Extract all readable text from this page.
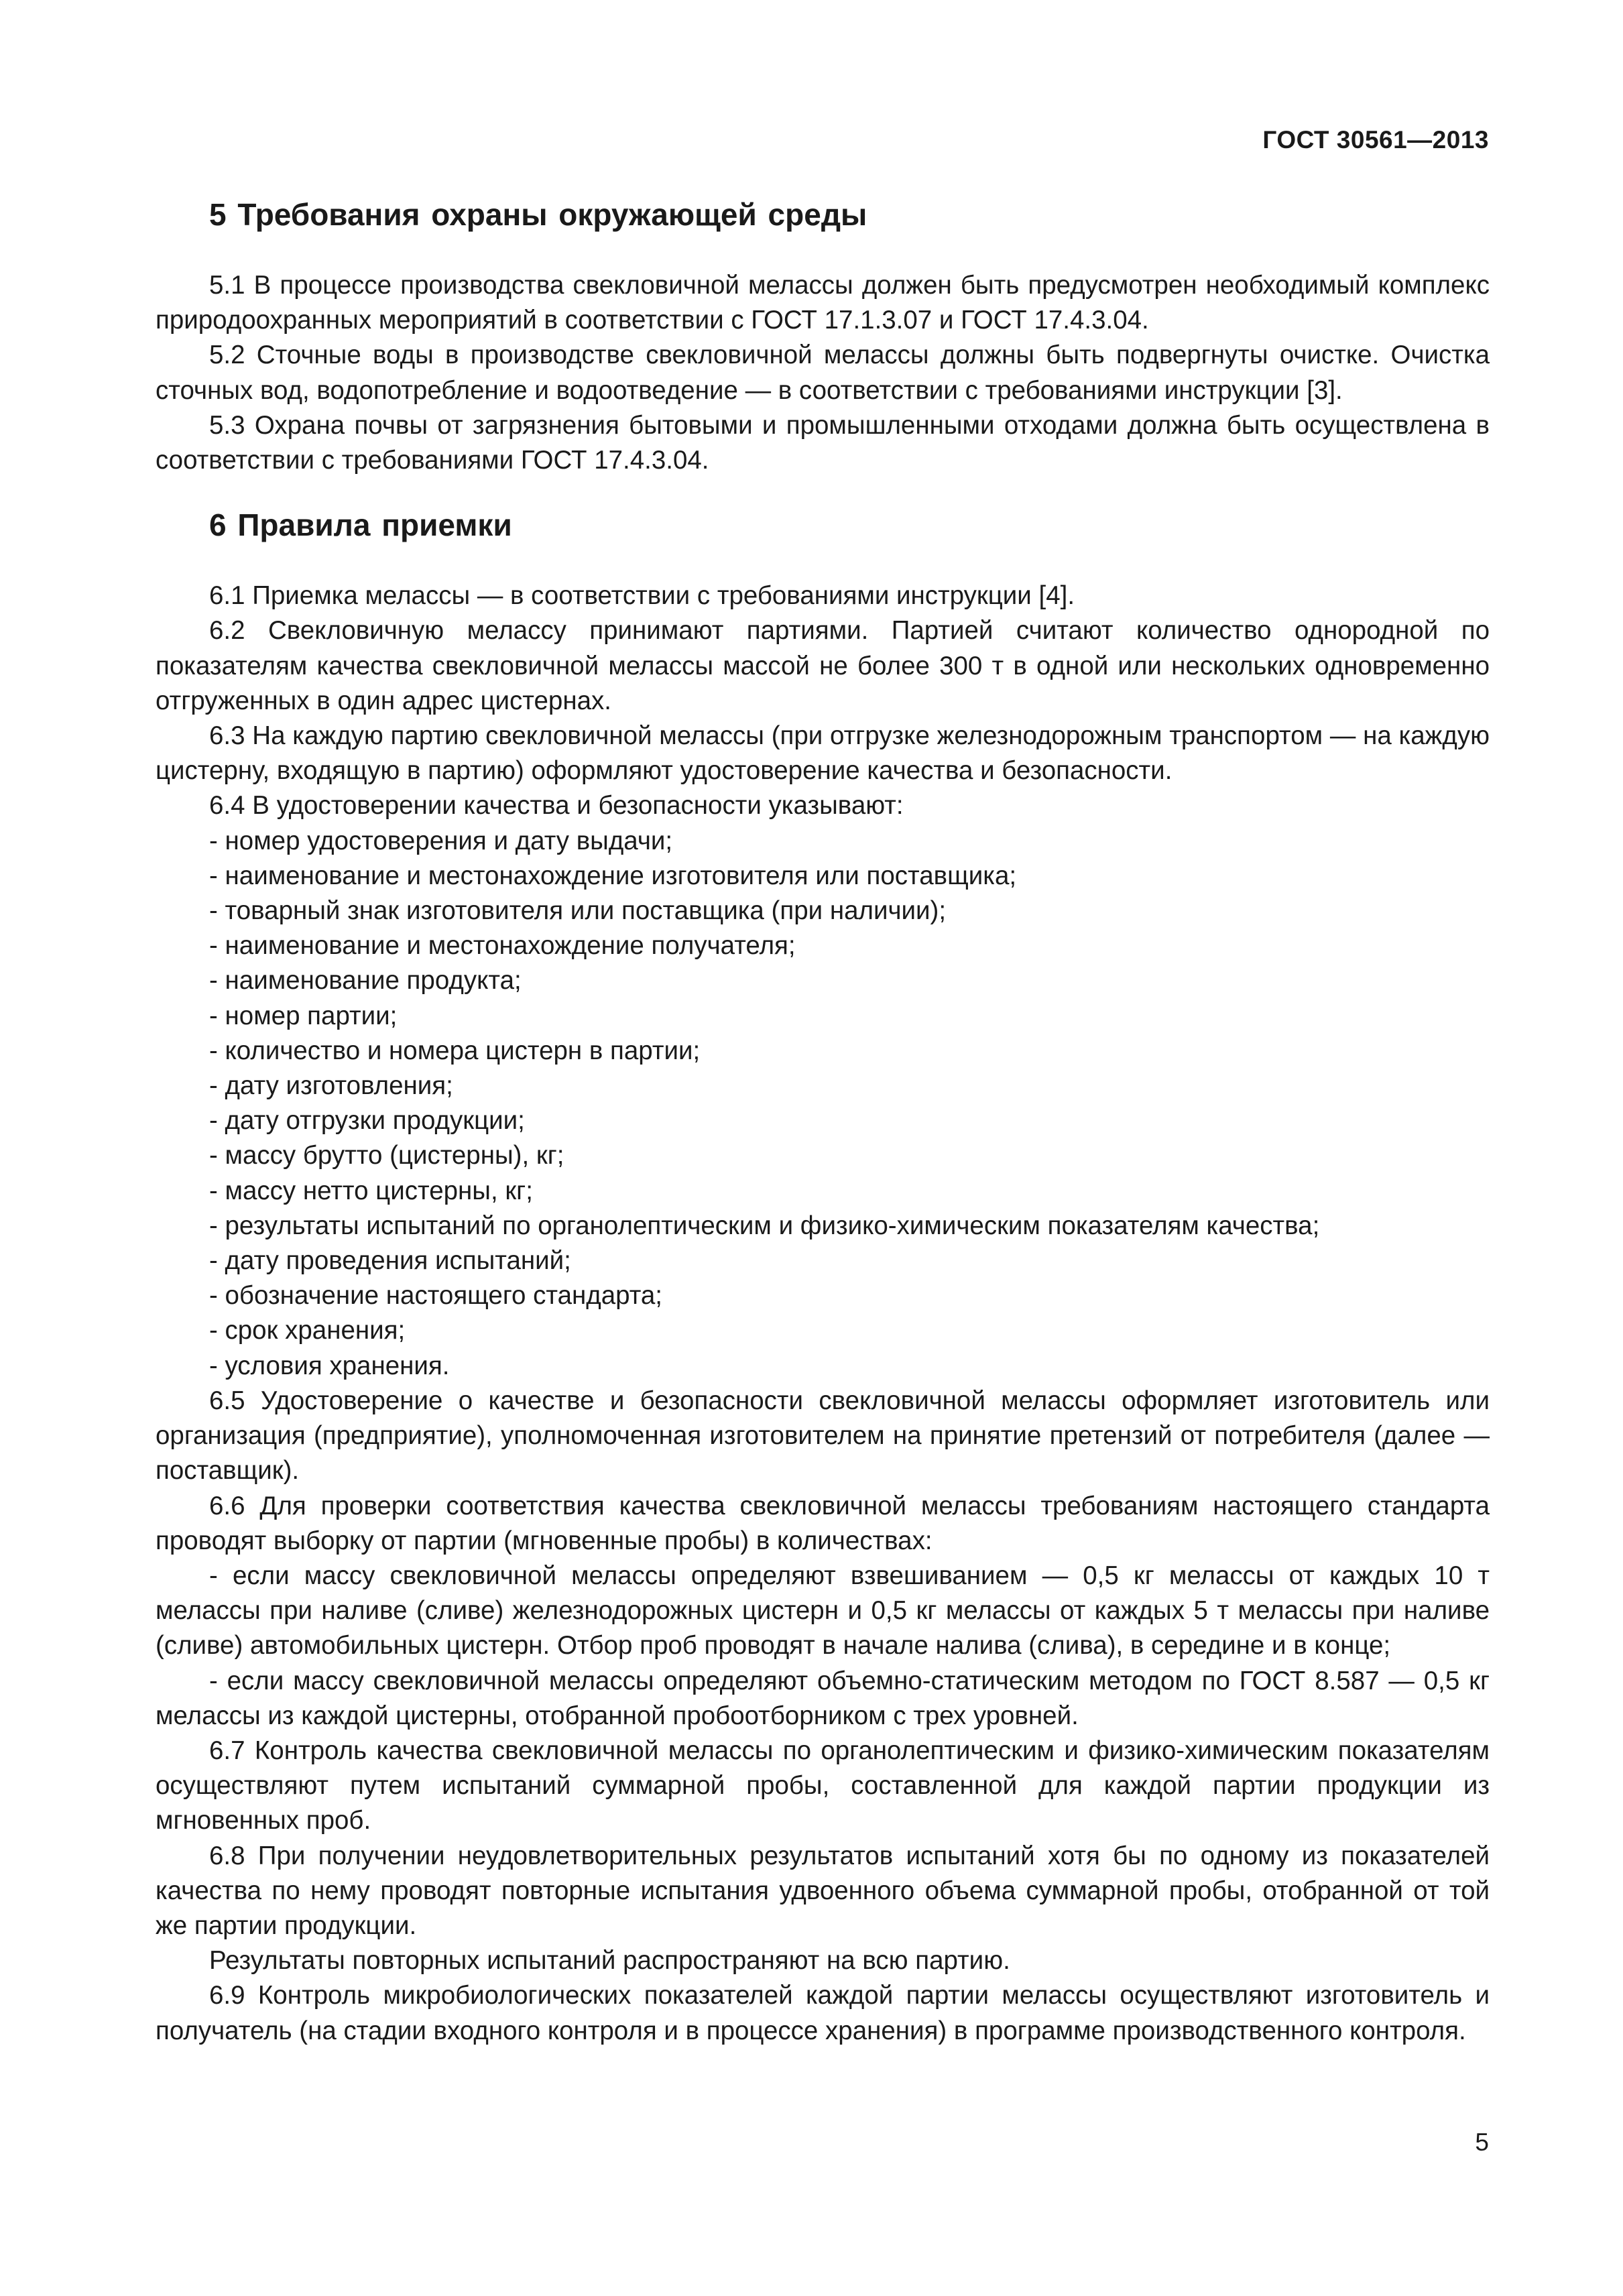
ГОСТ 30561—2013
5 Требования охраны окружающей среды

5.1 В процессе производства свекловичной мелассы должен быть предусмотрен необходимый комплекс природоохранных мероприятий в соответствии с ГОСТ 17.1.3.07 и ГОСТ 17.4.3.04.

5.2 Сточные воды в производстве свекловичной мелассы должны быть подвергнуты очистке. Очистка сточных вод, водопотребление и водоотведение — в соответствии с требованиями инструкции [3].

5.3 Охрана почвы от загрязнения бытовыми и промышленными отходами должна быть осуществлена в соответствии с требованиями ГОСТ 17.4.3.04.

6 Правила приемки

6.1 Приемка мелассы — в соответствии с требованиями инструкции [4].

6.2 Свекловичную мелассу принимают партиями. Партией считают количество однородной по показателям качества свекловичной мелассы массой не более 300 т в одной или нескольких одновременно отгруженных в один адрес цистернах.

6.3 На каждую партию свекловичной мелассы (при отгрузке железнодорожным транспортом — на каждую цистерну, входящую в партию) оформляют удостоверение качества и безопасности.

6.4 В удостоверении качества и безопасности указывают:

- номер удостоверения и дату выдачи;
- наименование и местонахождение изготовителя или поставщика;
- товарный знак изготовителя или поставщика (при наличии);
- наименование и местонахождение получателя;
- наименование продукта;
- номер партии;
- количество и номера цистерн в партии;
- дату изготовления;
- дату отгрузки продукции;
- массу брутто (цистерны), кг;
- массу нетто цистерны, кг;
- результаты испытаний по органолептическим и физико-химическим показателям качества;
- дату проведения испытаний;
- обозначение настоящего стандарта;
- срок хранения;
- условия хранения.

6.5 Удостоверение о качестве и безопасности свекловичной мелассы оформляет изготовитель или организация (предприятие), уполномоченная изготовителем на принятие претензий от потребителя (далее — поставщик).

6.6 Для проверки соответствия качества свекловичной мелассы требованиям настоящего стандарта проводят выборку от партии (мгновенные пробы) в количествах:

- если массу свекловичной мелассы определяют взвешиванием — 0,5 кг мелассы от каждых 10 т мелассы при наливе (сливе) железнодорожных цистерн и 0,5 кг мелассы от каждых 5 т мелассы при наливе (сливе) автомобильных цистерн. Отбор проб проводят в начале налива (слива), в середине и в конце;
- если массу свекловичной мелассы определяют объемно-статическим методом по ГОСТ 8.587 — 0,5 кг мелассы из каждой цистерны, отобранной пробоотборником с трех уровней.

6.7 Контроль качества свекловичной мелассы по органолептическим и физико-химическим показателям осуществляют путем испытаний суммарной пробы, составленной для каждой партии продукции из мгновенных проб.

6.8 При получении неудовлетворительных результатов испытаний хотя бы по одному из показателей качества по нему проводят повторные испытания удвоенного объема суммарной пробы, отобранной от той же партии продукции.

Результаты повторных испытаний распространяют на всю партию.

6.9 Контроль микробиологических показателей каждой партии мелассы осуществляют изготовитель и получатель (на стадии входного контроля и в процессе хранения) в программе производственного контроля.

5
